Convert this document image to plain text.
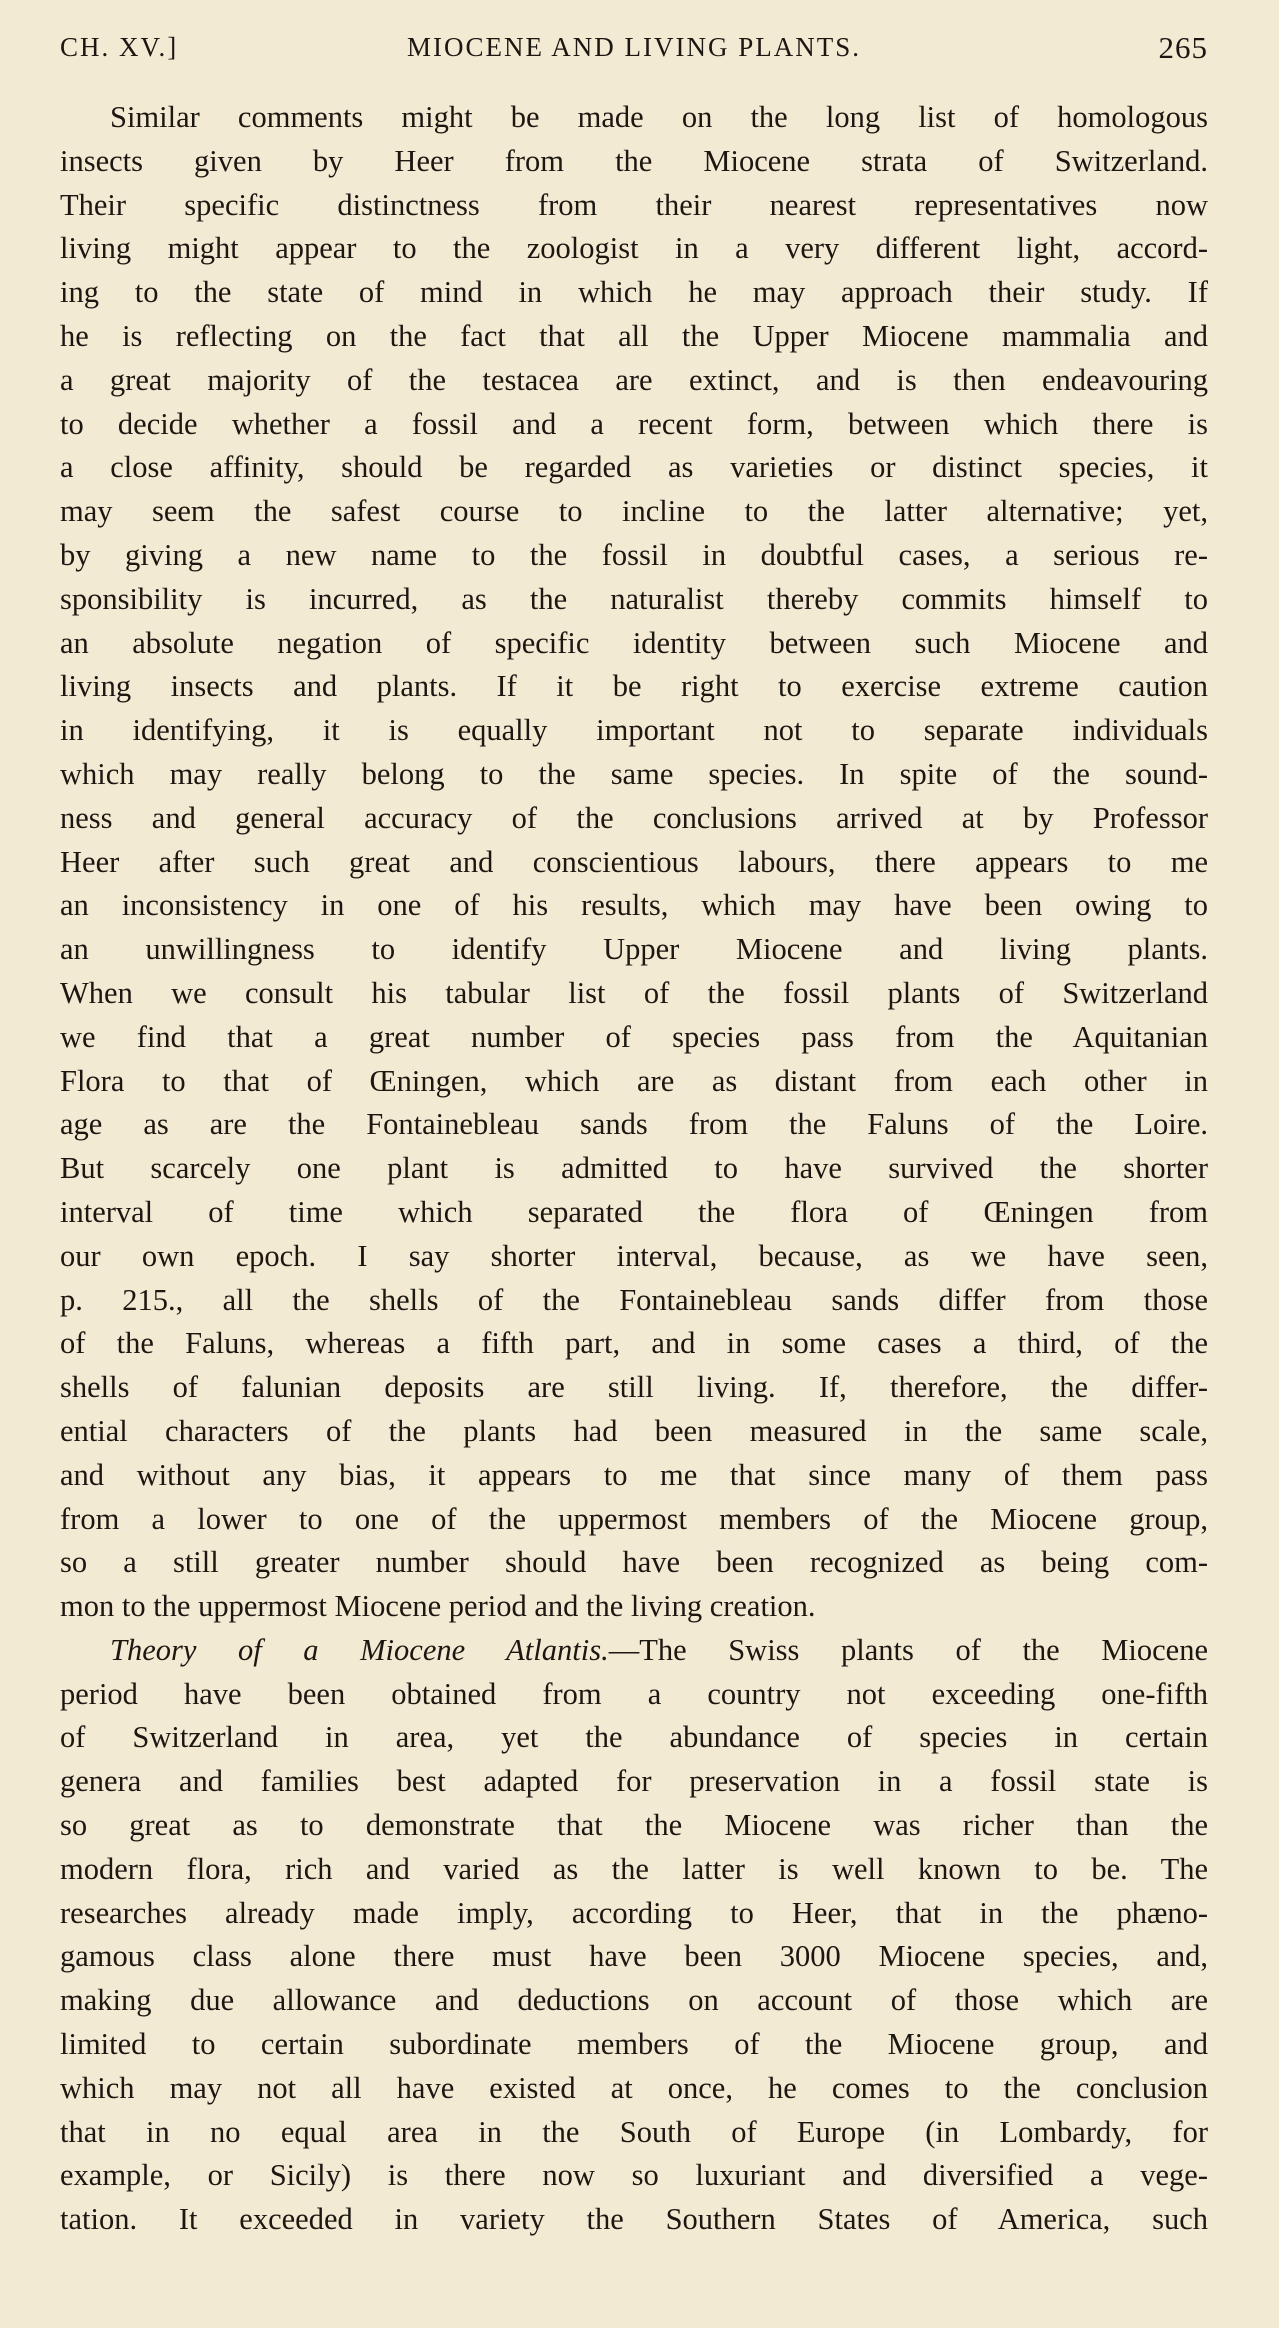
CH. XV.]	MIOCENE AND LIVING PLANTS.	265
Similar comments might be made on the long list of homologous
insects given by Heer from the Miocene strata of Switzerland.
Their specific distinctness from their nearest representatives now
living might appear to the zoologist in a very different light, accord-
ing to the state of mind in which he may approach their study. If
he is reflecting on the fact that all the Upper Miocene mammalia and
a great majority of the testacea are extinct, and is then endeavouring
to decide whether a fossil and a recent form, between which there is
a close affinity, should be regarded as varieties or distinct species, it
may seem the safest course to incline to the latter alternative; yet,
by giving a new name to the fossil in doubtful cases, a serious re-
sponsibility is incurred, as the naturalist thereby commits himself to
an absolute negation of specific identity between such Miocene and
living insects and plants. If it be right to exercise extreme caution
in identifying, it is equally important not to separate individuals
which may really belong to the same species. In spite of the sound-
ness and general accuracy of the conclusions arrived at by Professor
Heer after such great and conscientious labours, there appears to me
an inconsistency in one of his results, which may have been owing to
an unwillingness to identify Upper Miocene and living plants.
When we consult his tabular list of the fossil plants of Switzerland
we find that a great number of species pass from the Aquitanian
Flora to that of Œningen, which are as distant from each other in
age as are the Fontainebleau sands from the Faluns of the Loire.
But scarcely one plant is admitted to have survived the shorter
interval of time which separated the flora of Œningen from
our own epoch. I say shorter interval, because, as we have seen,
p. 215., all the shells of the Fontainebleau sands differ from those
of the Faluns, whereas a fifth part, and in some cases a third, of the
shells of falunian deposits are still living. If, therefore, the differ-
ential characters of the plants had been measured in the same scale,
and without any bias, it appears to me that since many of them pass
from a lower to one of the uppermost members of the Miocene group,
so a still greater number should have been recognized as being com-
mon to the uppermost Miocene period and the living creation.
Theory of a Miocene Atlantis.—The Swiss plants of the Miocene
period have been obtained from a country not exceeding one-fifth
of Switzerland in area, yet the abundance of species in certain
genera and families best adapted for preservation in a fossil state is
so great as to demonstrate that the Miocene was richer than the
modern flora, rich and varied as the latter is well known to be. The
researches already made imply, according to Heer, that in the phæno-
gamous class alone there must have been 3000 Miocene species, and,
making due allowance and deductions on account of those which are
limited to certain subordinate members of the Miocene group, and
which may not all have existed at once, he comes to the conclusion
that in no equal area in the South of Europe (in Lombardy, for
example, or Sicily) is there now so luxuriant and diversified a vege-
tation. It exceeded in variety the Southern States of America, such
